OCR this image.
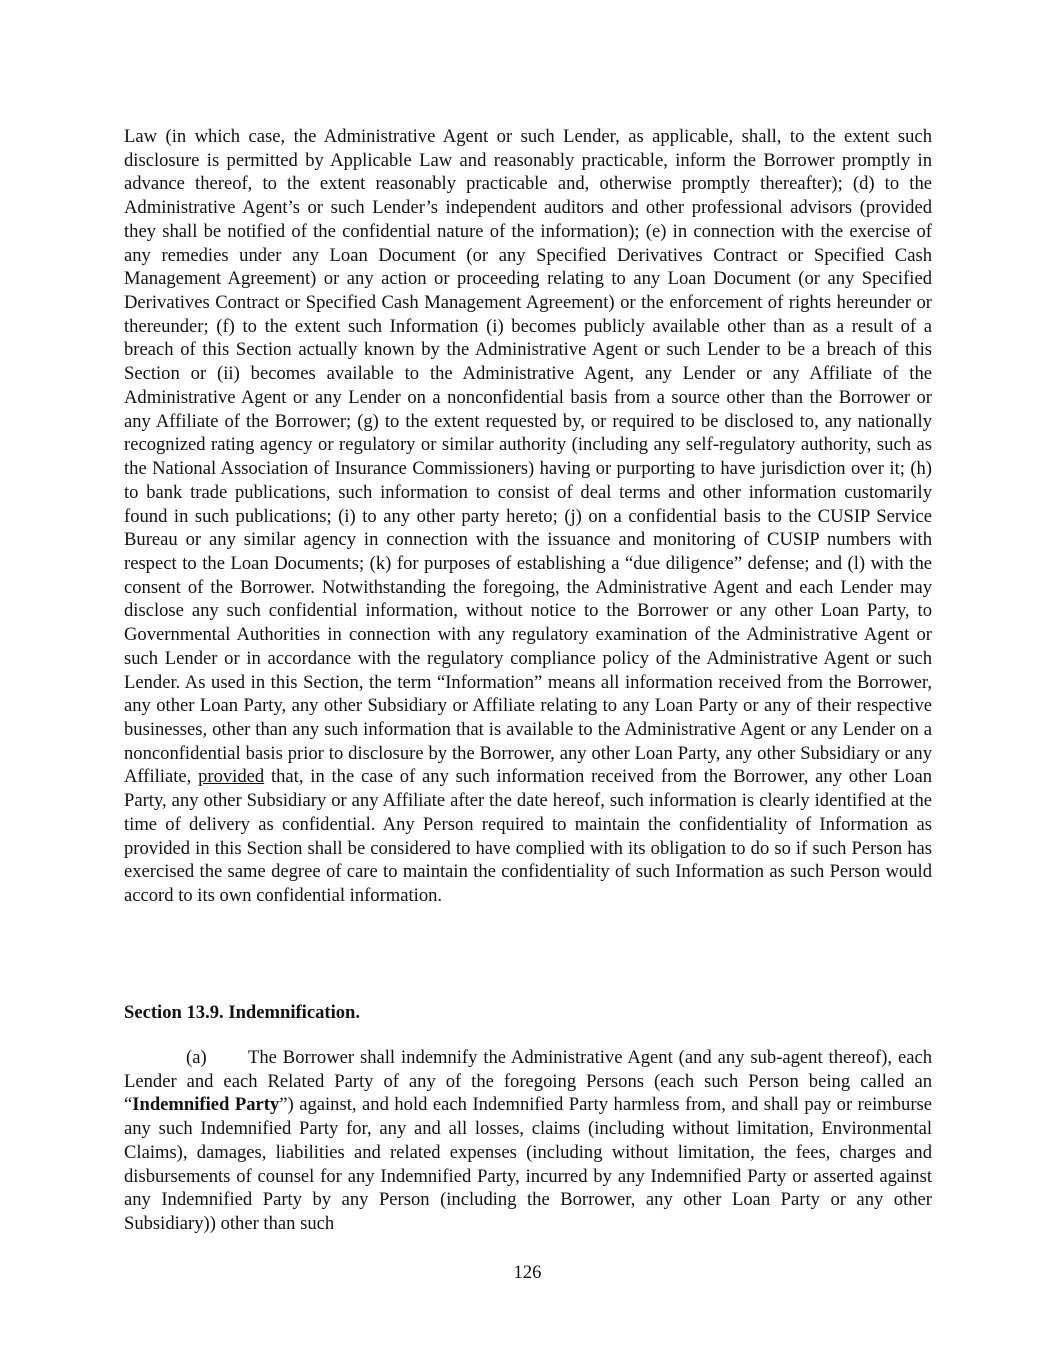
Law (in which case, the Administrative Agent or such Lender, as applicable, shall, to the extent such disclosure is permitted by Applicable Law and reasonably practicable, inform the Borrower promptly in advance thereof, to the extent reasonably practicable and, otherwise promptly thereafter); (d) to the Administrative Agent’s or such Lender’s independent auditors and other professional advisors (provided they shall be notified of the confidential nature of the information); (e) in connection with the exercise of any remedies under any Loan Document (or any Specified Derivatives Contract or Specified Cash Management Agreement) or any action or proceeding relating to any Loan Document (or any Specified Derivatives Contract or Specified Cash Management Agreement) or the enforcement of rights hereunder or thereunder; (f) to the extent such Information (i) becomes publicly available other than as a result of a breach of this Section actually known by the Administrative Agent or such Lender to be a breach of this Section or (ii) becomes available to the Administrative Agent, any Lender or any Affiliate of the Administrative Agent or any Lender on a nonconfidential basis from a source other than the Borrower or any Affiliate of the Borrower; (g) to the extent requested by, or required to be disclosed to, any nationally recognized rating agency or regulatory or similar authority (including any self-regulatory authority, such as the National Association of Insurance Commissioners) having or purporting to have jurisdiction over it; (h) to bank trade publications, such information to consist of deal terms and other information customarily found in such publications; (i) to any other party hereto; (j) on a confidential basis to the CUSIP Service Bureau or any similar agency in connection with the issuance and monitoring of CUSIP numbers with respect to the Loan Documents; (k) for purposes of establishing a “due diligence” defense; and (l) with the consent of the Borrower. Notwithstanding the foregoing, the Administrative Agent and each Lender may disclose any such confidential information, without notice to the Borrower or any other Loan Party, to Governmental Authorities in connection with any regulatory examination of the Administrative Agent or such Lender or in accordance with the regulatory compliance policy of the Administrative Agent or such Lender. As used in this Section, the term “Information” means all information received from the Borrower, any other Loan Party, any other Subsidiary or Affiliate relating to any Loan Party or any of their respective businesses, other than any such information that is available to the Administrative Agent or any Lender on a nonconfidential basis prior to disclosure by the Borrower, any other Loan Party, any other Subsidiary or any Affiliate, provided that, in the case of any such information received from the Borrower, any other Loan Party, any other Subsidiary or any Affiliate after the date hereof, such information is clearly identified at the time of delivery as confidential. Any Person required to maintain the confidentiality of Information as provided in this Section shall be considered to have complied with its obligation to do so if such Person has exercised the same degree of care to maintain the confidentiality of such Information as such Person would accord to its own confidential information.

Section 13.9. Indemnification.

(a) The Borrower shall indemnify the Administrative Agent (and any sub-agent thereof), each Lender and each Related Party of any of the foregoing Persons (each such Person being called an “Indemnified Party”) against, and hold each Indemnified Party harmless from, and shall pay or reimburse any such Indemnified Party for, any and all losses, claims (including without limitation, Environmental Claims), damages, liabilities and related expenses (including without limitation, the fees, charges and disbursements of counsel for any Indemnified Party, incurred by any Indemnified Party or asserted against any Indemnified Party by any Person (including the Borrower, any other Loan Party or any other Subsidiary)) other than such

126
